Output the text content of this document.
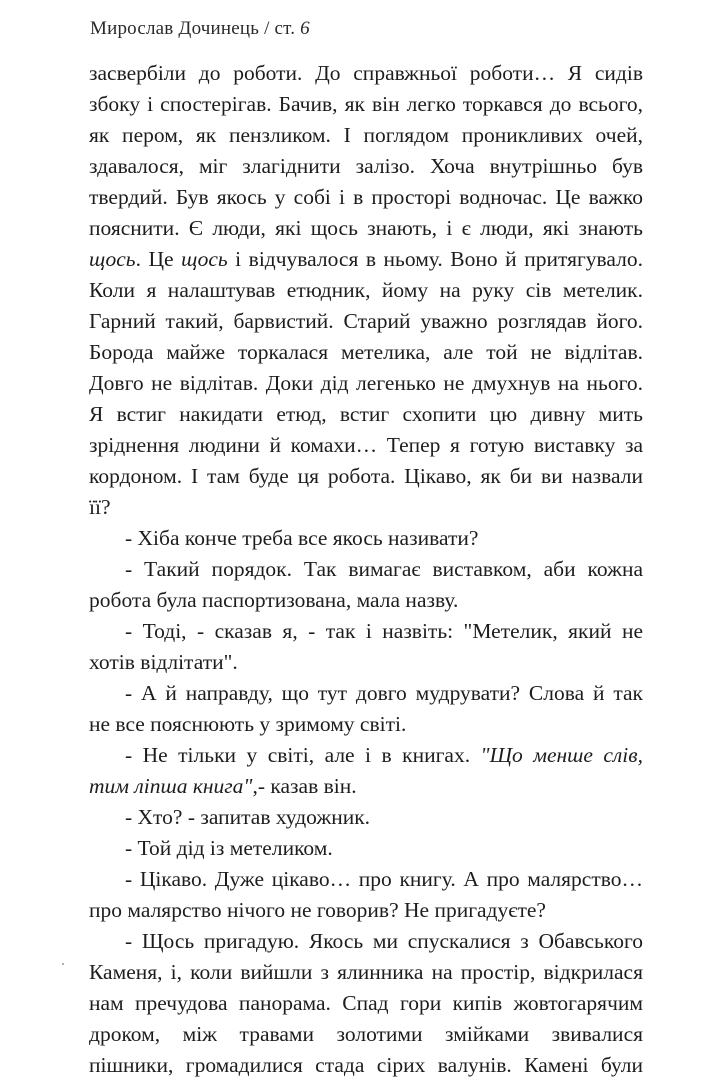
Мирослав Дочинець / ст. 6
засвербіли до роботи. До справжньої роботи… Я сидів
збоку і спостерігав. Бачив, як він легко торкався до всього,
як пером, як пензликом. І поглядом проникливих очей,
здавалося, міг злагіднити залізо. Хоча внутрішньо був
твердий. Був якось у собі і в просторі водночас. Це важко
пояснити. Є люди, які щось знають, і є люди, які знають
щось. Це щось і відчувалося в ньому. Воно й притягувало.
Коли я налаштував етюдник, йому на руку сів метелик.
Гарний такий, барвистий. Старий уважно розглядав його.
Борода майже торкалася метелика, але той не відлітав.
Довго не відлітав. Доки дід легенько не дмухнув на нього.
Я встиг накидати етюд, встиг схопити цю дивну мить
зріднення людини й комахи… Тепер я готую виставку за
кордоном. І там буде ця робота. Цікаво, як би ви назвали
її?
- Хіба конче треба все якось називати?
- Такий порядок. Так вимагає виставком, аби кожна
робота була паспортизована, мала назву.
- Тоді, - сказав я, - так і назвіть: "Метелик, який не
хотів відлітати".
- А й направду, що тут довго мудрувати? Слова й так
не все пояснюють у зримому світі.
- Не тільки у світі, але і в книгах. "Що менше слів,
тим ліпша книга",- казав він.
- Хто? - запитав художник.
- Той дід із метеликом.
- Цікаво. Дуже цікаво… про книгу. А про малярство…
про малярство нічого не говорив? Не пригадуєте?
- Щось пригадую. Якось ми спускалися з Обавського
Каменя, і, коли вийшли з ялинника на простір, відкрилася
нам пречудова панорама. Спад гори кипів жовтогарячим
дроком, між травами золотими змійками звивалися
пішники, громадилися стада сірих валунів. Камені були
